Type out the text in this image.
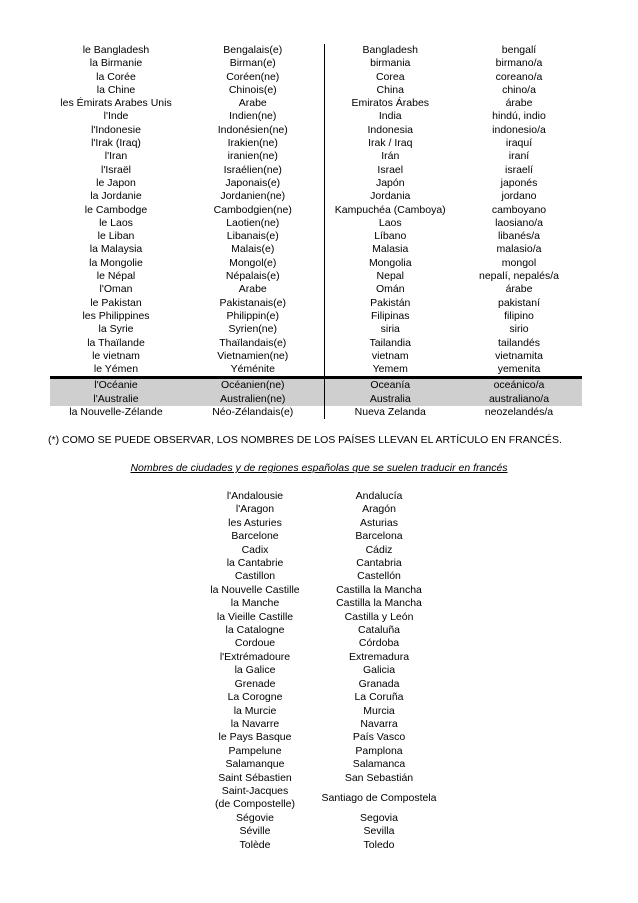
le Bangladesh	Bengalais(e)	Bangladesh	bengalí
la Birmanie	Birman(e)	birmania	birmano/a
la Corée	Coréen(ne)	Corea	coreano/a
la Chine	Chinois(e)	China	chino/a
les Émirats Arabes Unis	Arabe	Emiratos Árabes	árabe
l'Inde	Indien(ne)	India	hindú, indio
l'Indonesie	Indonésien(ne)	Indonesia	indonesio/a
l'Irak (Iraq)	Irakien(ne)	Irak / Iraq	iraquí
l'Iran	iranien(ne)	Irán	iraní
l'Israël	Israélien(ne)	Israel	israelí
le Japon	Japonais(e)	Japón	japonés
la Jordanie	Jordanien(ne)	Jordania	jordano
le Cambodge	Cambodgien(ne)	Kampuchéa (Camboya)	camboyano
le Laos	Laotien(ne)	Laos	laosiano/a
le Liban	Libanais(e)	Líbano	libanés/a
la Malaysia	Malais(e)	Malasia	malasio/a
la Mongolie	Mongol(e)	Mongolia	mongol
le Népal	Népalais(e)	Nepal	nepalí, nepalés/a
l'Oman	Arabe	Omán	árabe
le Pakistan	Pakistanais(e)	Pakistán	pakistaní
les Philippines	Philippin(e)	Filipinas	filipino
la Syrie	Syrien(ne)	siria	sirio
la Thaïlande	Thaïlandais(e)	Tailandia	tailandés
le vietnam	Vietnamien(ne)	vietnam	vietnamita
le Yémen	Yéménite	Yemem	yemenita
l'Océanie	Océanien(ne)	Oceanía	oceánico/a
l'Australie	Australien(ne)	Australia	australiano/a
la Nouvelle-Zélande	Néo-Zélandais(e)	Nueva Zelanda	neozelandés/a
(*) COMO SE PUEDE OBSERVAR, LOS NOMBRES DE LOS PAÍSES LLEVAN EL ARTÍCULO EN FRANCÉS.
Nombres de ciudades y de regiones españolas que se suelen traducir en francés
l'Andalousie	Andalucía
l'Aragon	Aragón
les Asturies	Asturias
Barcelone	Barcelona
Cadix	Cádiz
la Cantabrie	Cantabria
Castillon	Castellón
la Nouvelle Castille	Castilla la Mancha
la Manche	Castilla la Mancha
la Vieille Castille	Castilla y León
la Catalogne	Cataluña
Cordoue	Córdoba
l'Extrémadoure	Extremadura
la Galice	Galicia
Grenade	Granada
La Corogne	La Coruña
la Murcie	Murcia
la Navarre	Navarra
le Pays Basque	País Vasco
Pampelune	Pamplona
Salamanque	Salamanca
Saint Sébastien	San Sebastián
Saint-Jacques	Santiago de Compostela
(de Compostelle)	
Ségovie	Segovia
Séville	Sevilla
Tolède	Toledo
